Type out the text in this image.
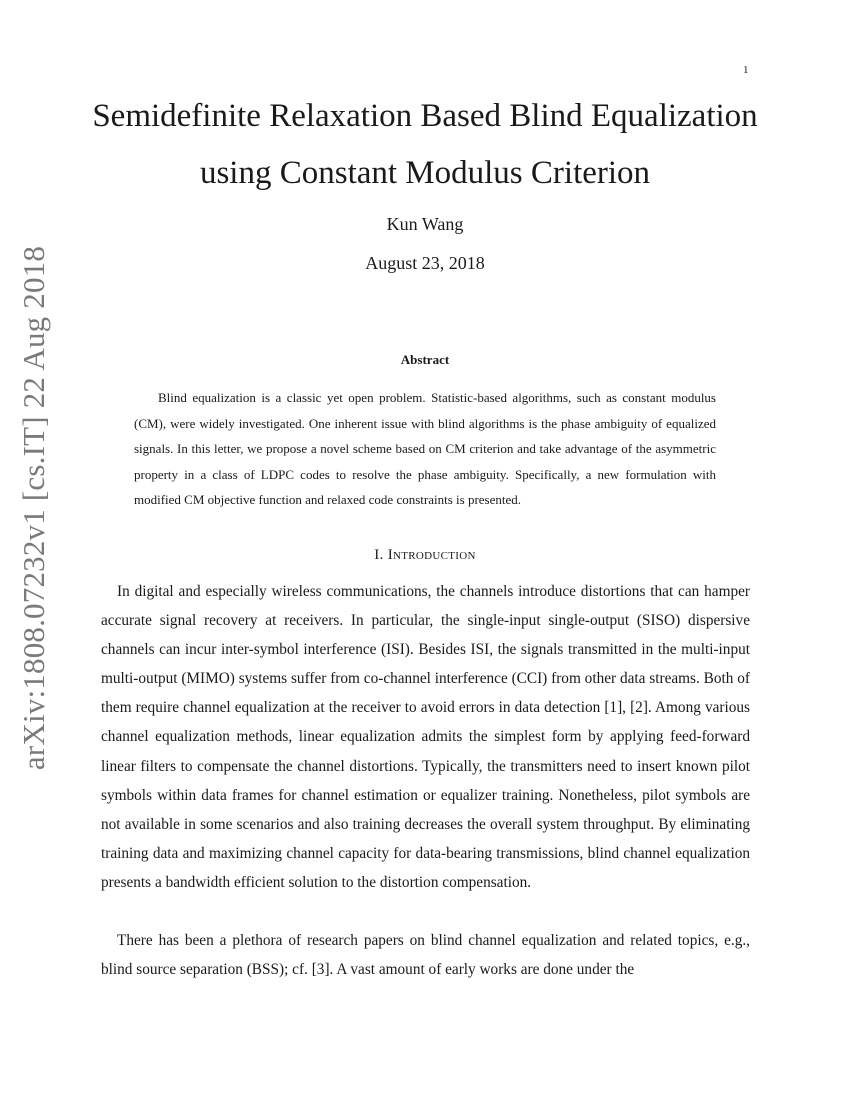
1
arXiv:1808.07232v1 [cs.IT] 22 Aug 2018
Semidefinite Relaxation Based Blind Equalization using Constant Modulus Criterion
Kun Wang
August 23, 2018
Abstract

Blind equalization is a classic yet open problem. Statistic-based algorithms, such as constant modulus (CM), were widely investigated. One inherent issue with blind algorithms is the phase ambiguity of equalized signals. In this letter, we propose a novel scheme based on CM criterion and take advantage of the asymmetric property in a class of LDPC codes to resolve the phase ambiguity. Specifically, a new formulation with modified CM objective function and relaxed code constraints is presented.

I. Introduction

In digital and especially wireless communications, the channels introduce distortions that can hamper accurate signal recovery at receivers. In particular, the single-input single-output (SISO) dispersive channels can incur inter-symbol interference (ISI). Besides ISI, the signals transmitted in the multi-input multi-output (MIMO) systems suffer from co-channel interference (CCI) from other data streams. Both of them require channel equalization at the receiver to avoid errors in data detection [1], [2]. Among various channel equalization methods, linear equalization admits the simplest form by applying feed-forward linear filters to compensate the channel distortions. Typically, the transmitters need to insert known pilot symbols within data frames for channel estimation or equalizer training. Nonetheless, pilot symbols are not available in some scenarios and also training decreases the overall system throughput. By eliminating training data and maximizing channel capacity for data-bearing transmissions, blind channel equalization presents a bandwidth efficient solution to the distortion compensation.

There has been a plethora of research papers on blind channel equalization and related topics, e.g., blind source separation (BSS); cf. [3]. A vast amount of early works are done under the
